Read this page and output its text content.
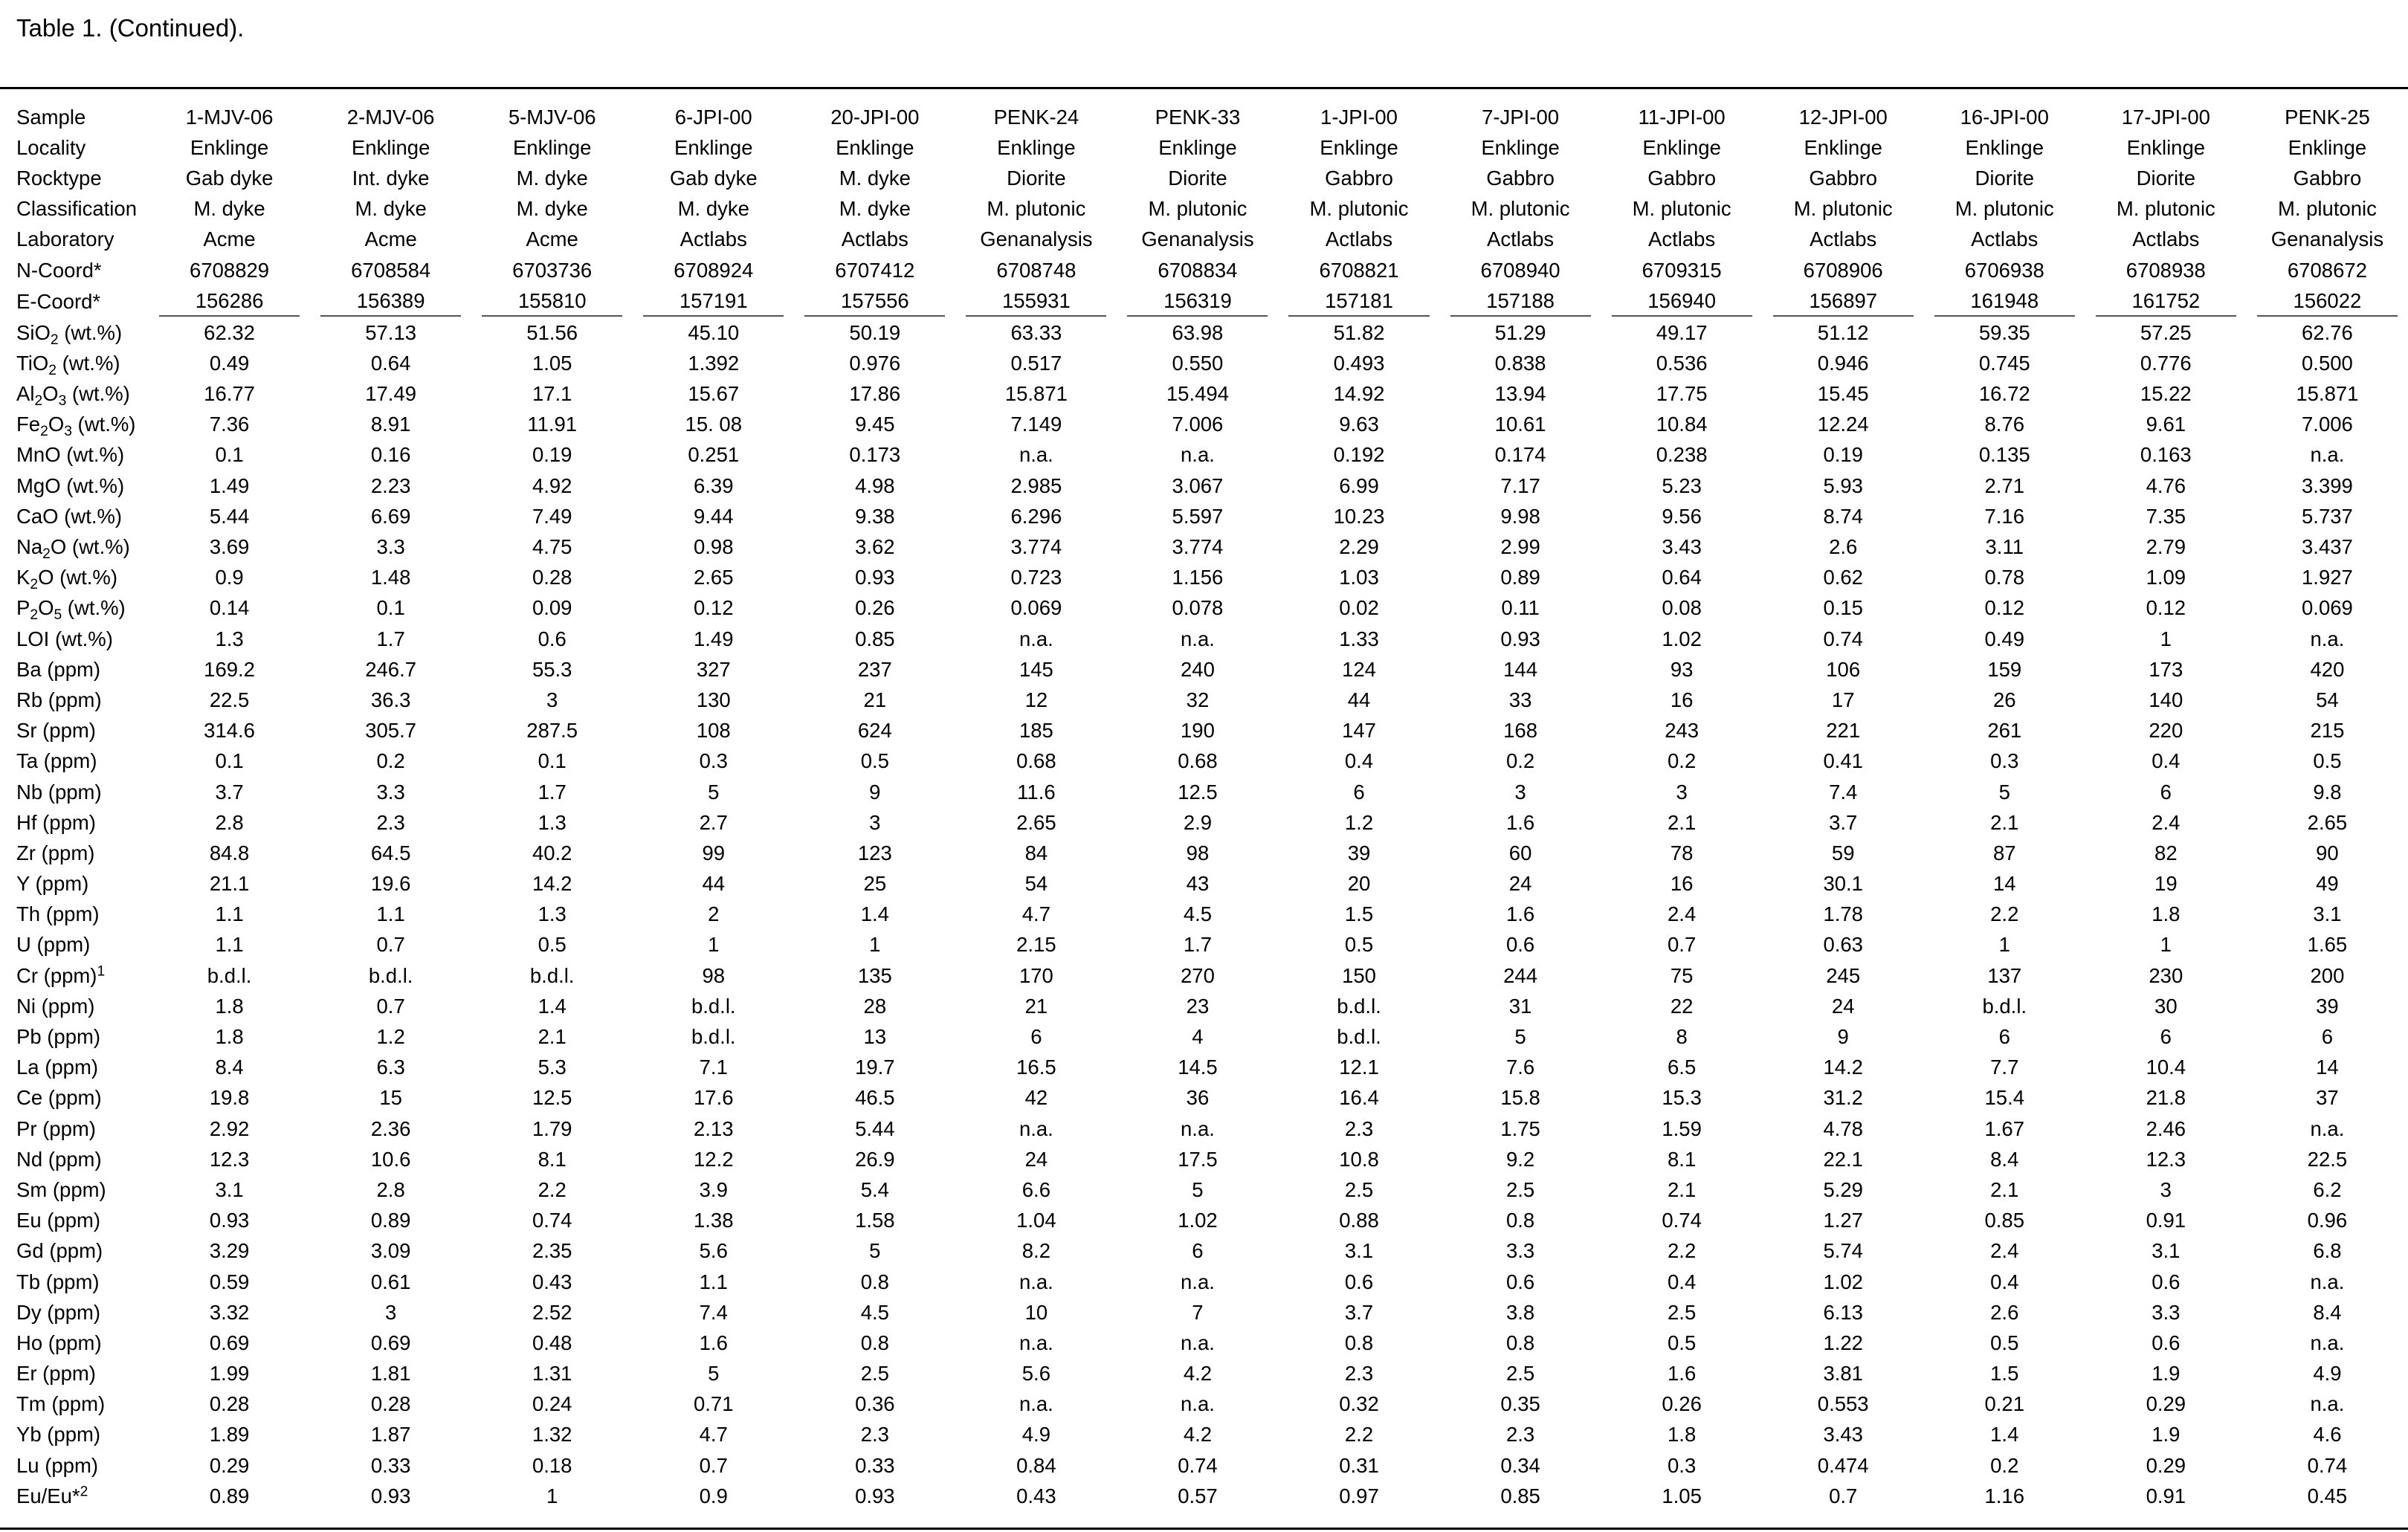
Table 1. (Continued).
Sample	1-MJV-06	2-MJV-06	5-MJV-06	6-JPI-00	20-JPI-00	PENK-24	PENK-33	1-JPI-00	7-JPI-00	11-JPI-00	12-JPI-00	16-JPI-00	17-JPI-00	PENK-25

Locality	Enklinge	Enklinge	Enklinge	Enklinge	Enklinge	Enklinge	Enklinge	Enklinge	Enklinge	Enklinge	Enklinge	Enklinge	Enklinge	Enklinge

Rocktype	Gab dyke	Int. dyke	M. dyke	Gab dyke	M. dyke	Diorite	Diorite	Gabbro	Gabbro	Gabbro	Gabbro	Diorite	Diorite	Gabbro

Classification	M. dyke	M. dyke	M. dyke	M. dyke	M. dyke	M. plutonic	M. plutonic	M. plutonic	M. plutonic	M. plutonic	M. plutonic	M. plutonic	M. plutonic	M. plutonic

Laboratory	Acme	Acme	Acme	Actlabs	Actlabs	Genanalysis	Genanalysis	Actlabs	Actlabs	Actlabs	Actlabs	Actlabs	Actlabs	Genanalysis

N-Coord*	6708829	6708584	6703736	6708924	6707412	6708748	6708834	6708821	6708940	6709315	6708906	6706938	6708938	6708672

E-Coord*	156286	156389	155810	157191	157556	155931	156319	157181	157188	156940	156897	161948	161752	156022

SiO$_2$ (wt.%)	62.32	57.13	51.56	45.10	50.19	63.33	63.98	51.82	51.29	49.17	51.12	59.35	57.25	62.76
TiO$_2$ (wt.%)	0.49	0.64	1.05	1.392	0.976	0.517	0.550	0.493	0.838	0.536	0.946	0.745	0.776	0.500
$Al_2O_3$ (wt.%)	16.77	17.49	17.1	15.67	17.86	15.871	15.494	14.92	13.94	17.75	15.45	16.72	15.22	15.871
$Fe_2O_3$ (wt.%)	7.36	8.91	11.91	15. 08	9.45	7.149	7.006	9.63	10.61	10.84	12.24	8.76	9.61	7.006
MnO (wt.%)	0.1	0.16	0.19	0.251	0.173	n.a.	n.a.	0.192	0.174	0.238	0.19	0.135	0.163	n.a.
MgO (wt.%)	1.49	2.23	4.92	6.39	4.98	2.985	3.067	6.99	7.17	5.23	5.93	2.71	4.76	3.399
CaO (wt.%)	5.44	6.69	7.49	9.44	9.38	6.296	5.597	10.23	9.98	9.56	8.74	7.16	7.35	5.737
$Na_2O$ (wt.%)	3.69	3.3	4.75	0.98	3.62	3.774	3.774	2.29	2.99	3.43	2.6	3.11	2.79	3.437
$K_2O$ (wt.%)	0.9	1.48	0.28	2.65	0.93	0.723	1.156	1.03	0.89	0.64	0.62	0.78	1.09	1.927
$P_2O_5$ (wt.%)	0.14	0.1	0.09	0.12	0.26	0.069	0.078	0.02	0.11	0.08	0.15	0.12	0.12	0.069
LOI (wt.%)	1.3	1.7	0.6	1.49	0.85	n.a.	n.a.	1.33	0.93	1.02	0.74	0.49	1	n.a.
Ba (ppm)	169.2	246.7	55.3	327	237	145	240	124	144	93	106	159	173	420
Rb (ppm)	22.5	36.3	3	130	21	12	32	44	33	16	17	26	140	54
Sr (ppm)	314.6	305.7	287.5	108	624	185	190	147	168	243	221	261	220	215
Ta (ppm)	0.1	0.2	0.1	0.3	0.5	0.68	0.68	0.4	0.2	0.2	0.41	0.3	0.4	0.5
Nb (ppm)	3.7	3.3	1.7	5	9	11.6	12.5	6	3	3	7.4	5	6	9.8
Hf (ppm)	2.8	2.3	1.3	2.7	3	2.65	2.9	1.2	1.6	2.1	3.7	2.1	2.4	2.65
Zr (ppm)	84.8	64.5	40.2	99	123	84	98	39	60	78	59	87	82	90
Y (ppm)	21.1	19.6	14.2	44	25	54	43	20	24	16	30.1	14	19	49
Th (ppm)	1.1	1.1	1.3	2	1.4	4.7	4.5	1.5	1.6	2.4	1.78	2.2	1.8	3.1
U (ppm)	1.1	0.7	0.5	1	1	2.15	1.7	0.5	0.6	0.7	0.63	1	1	1.65
Cr (ppm)$^1$	b.d.l.	b.d.l.	b.d.l.	98	135	170	270	150	244	75	245	137	230	200
Ni (ppm)	1.8	0.7	1.4	b.d.l.	28	21	23	b.d.l.	31	22	24	b.d.l.	30	39
Pb (ppm)	1.8	1.2	2.1	b.d.l.	13	6	4	b.d.l.	5	8	9	6	6	6
La (ppm)	8.4	6.3	5.3	7.1	19.7	16.5	14.5	12.1	7.6	6.5	14.2	7.7	10.4	14
Ce (ppm)	19.8	15	12.5	17.6	46.5	42	36	16.4	15.8	15.3	31.2	15.4	21.8	37
Pr (ppm)	2.92	2.36	1.79	2.13	5.44	n.a.	n.a.	2.3	1.75	1.59	4.78	1.67	2.46	n.a.
Nd (ppm)	12.3	10.6	8.1	12.2	26.9	24	17.5	10.8	9.2	8.1	22.1	8.4	12.3	22.5
Sm (ppm)	3.1	2.8	2.2	3.9	5.4	6.6	5	2.5	2.5	2.1	5.29	2.1	3	6.2
Eu (ppm)	0.93	0.89	0.74	1.38	1.58	1.04	1.02	0.88	0.8	0.74	1.27	0.85	0.91	0.96
Gd (ppm)	3.29	3.09	2.35	5.6	5	8.2	6	3.1	3.3	2.2	5.74	2.4	3.1	6.8
Tb (ppm)	0.59	0.61	0.43	1.1	0.8	n.a.	n.a.	0.6	0.6	0.4	1.02	0.4	0.6	n.a.
Dy (ppm)	3.32	3	2.52	7.4	4.5	10	7	3.7	3.8	2.5	6.13	2.6	3.3	8.4
Ho (ppm)	0.69	0.69	0.48	1.6	0.8	n.a.	n.a.	0.8	0.8	0.5	1.22	0.5	0.6	n.a.
Er (ppm)	1.99	1.81	1.31	5	2.5	5.6	4.2	2.3	2.5	1.6	3.81	1.5	1.9	4.9
Tm (ppm)	0.28	0.28	0.24	0.71	0.36	n.a.	n.a.	0.32	0.35	0.26	0.553	0.21	0.29	n.a.
Yb (ppm)	1.89	1.87	1.32	4.7	2.3	4.9	4.2	2.2	2.3	1.8	3.43	1.4	1.9	4.6
Lu (ppm)	0.29	0.33	0.18	0.7	0.33	0.84	0.74	0.31	0.34	0.3	0.474	0.2	0.29	0.74
Eu/Eu*$^2$	0.89	0.93	1	0.9	0.93	0.43	0.57	0.97	0.85	1.05	0.7	1.16	0.91	0.45
